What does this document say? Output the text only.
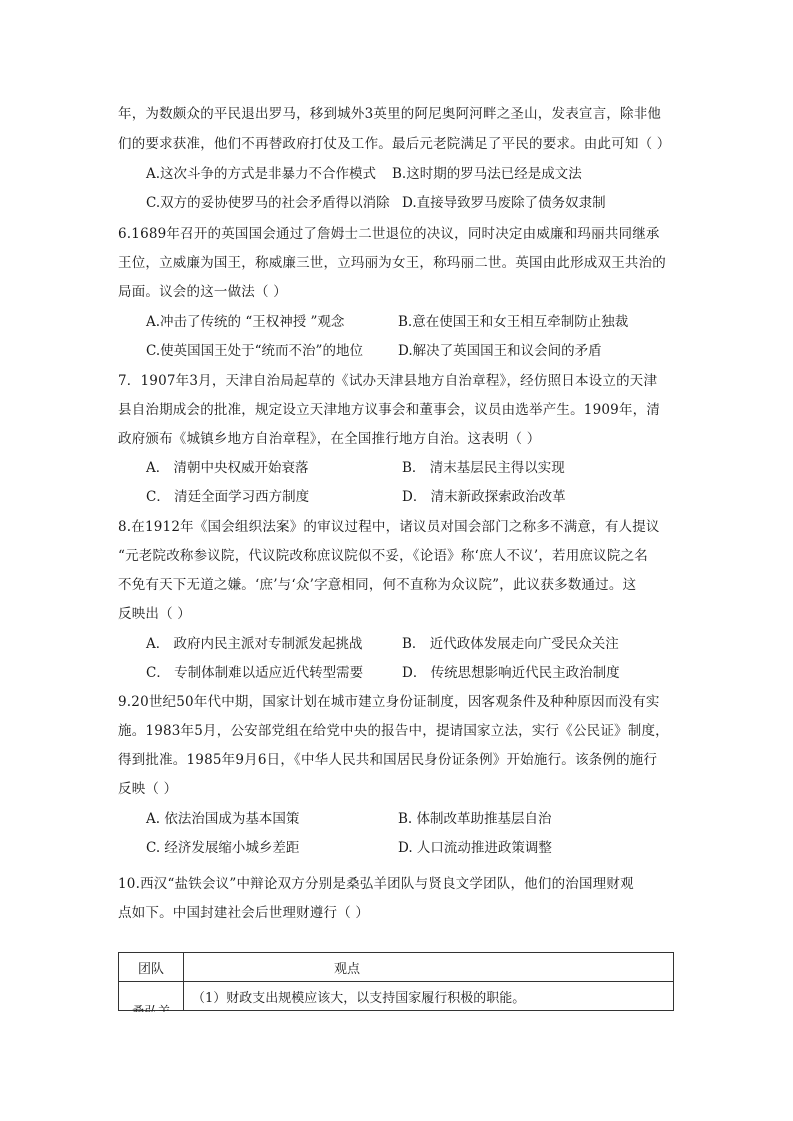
年，为数颇众的平民退出罗马，移到城外3英里的阿尼奥阿河畔之圣山，发表宣言，除非他
们的要求获准，他们不再替政府打仗及工作。最后元老院满足了平民的要求。由此可知（ ）
A.这次斗争的方式是非暴力不合作模式 B.这时期的罗马法已经是成文法
C.双方的妥协使罗马的社会矛盾得以消除 D.直接导致罗马废除了债务奴隶制
6.1689年召开的英国国会通过了詹姆士二世退位的决议，同时决定由威廉和玛丽共同继承
王位，立威廉为国王，称威廉三世，立玛丽为女王，称玛丽二世。英国由此形成双王共治的
局面。议会的这一做法（ ）
A.冲击了传统的 “王权神授 ”观念	B.意在使国王和女王相互牵制防止独裁
C.使英国国王处于“统而不治”的地位	D.解决了英国国王和议会间的矛盾
7．1907年3月，天津自治局起草的《试办天津县地方自治章程》，经仿照日本设立的天津
县自治期成会的批准，规定设立天津地方议事会和董事会，议员由选举产生。1909年，清
政府颁布《城镇乡地方自治章程》，在全国推行地方自治。这表明（ ）
A． 清朝中央权威开始衰落	B． 清末基层民主得以实现
C． 清廷全面学习西方制度	D． 清末新政探索政治改革
8.在1912年《国会组织法案》的审议过程中，诸议员对国会部门之称多不满意，有人提议
“元老院改称参议院，代议院改称庶议院似不妥，《论语》称‘庶人不议’，若用庶议院之名
不免有天下无道之嫌。‘庶’与‘众’字意相同，何不直称为众议院”，此议获多数通过。这
反映出（ ）
A． 政府内民主派对专制派发起挑战	B． 近代政体发展走向广受民众关注
C． 专制体制难以适应近代转型需要	D． 传统思想影响近代民主政治制度
9.20世纪50年代中期，国家计划在城市建立身份证制度，因客观条件及种种原因而没有实
施。1983年5月，公安部党组在给党中央的报告中，提请国家立法，实行《公民证》制度，
得到批准。1985年9月6日，《中华人民共和国居民身份证条例》开始施行。该条例的施行
反映（ ）
A. 依法治国成为基本国策	B. 体制改革助推基层自治
C. 经济发展缩小城乡差距	D. 人口流动推进政策调整
10.西汉“盐铁会议”中辩论双方分别是桑弘羊团队与贤良文学团队，他们的治国理财观
点如下。中国封建社会后世理财遵行（ ）
团队	观点
	（1）财政支出规模应该大，以支持国家履行积极的职能。
